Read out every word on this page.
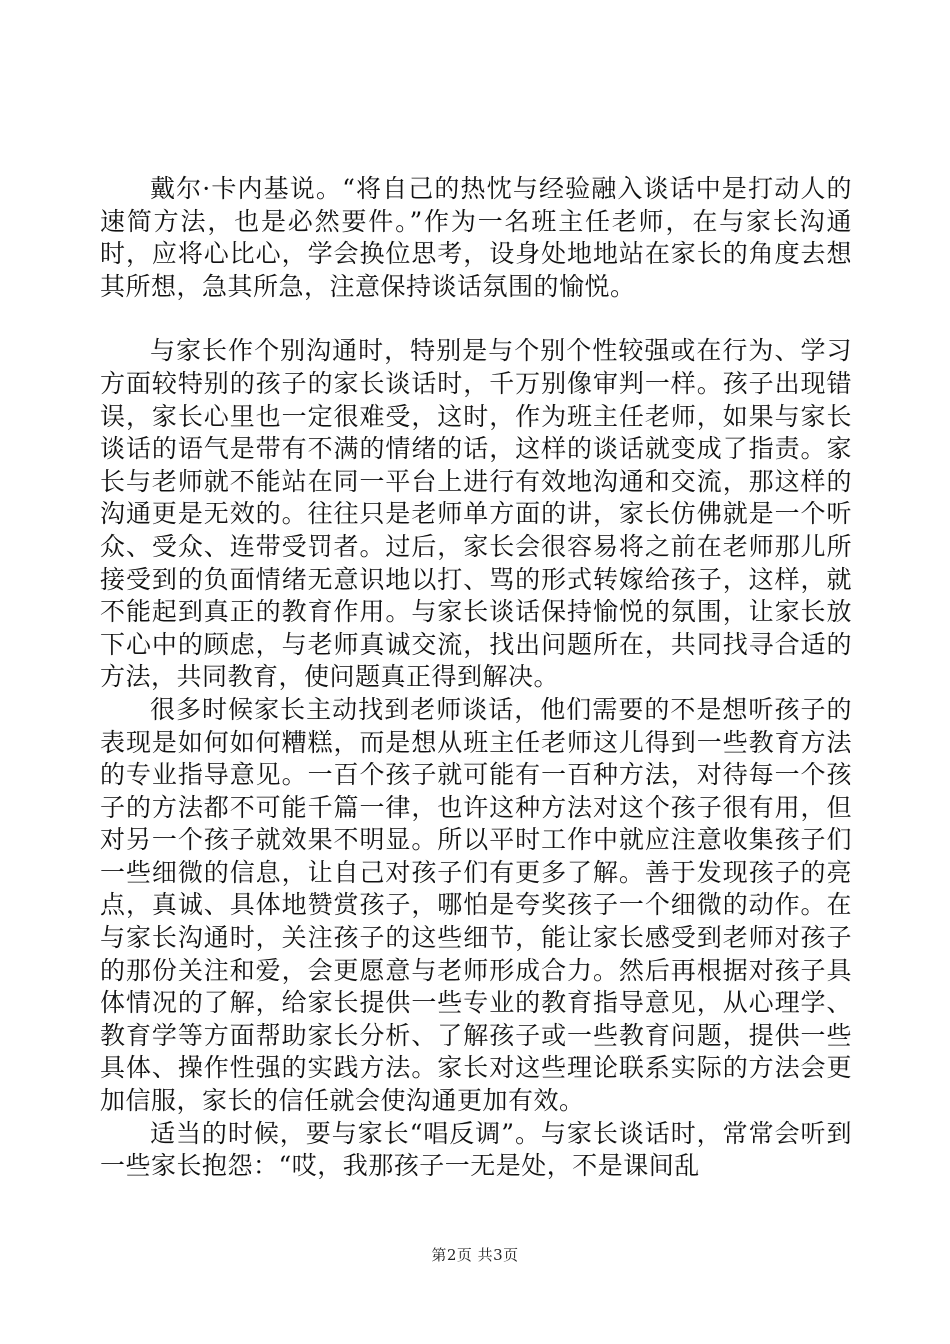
戴尔·卡内基说。“将自己的热忱与经验融入谈话中是打动人的速简方法，也是必然要件。”作为一名班主任老师，在与家长沟通时，应将心比心，学会换位思考，设身处地地站在家长的角度去想其所想，急其所急，注意保持谈话氛围的愉悦。

与家长作个别沟通时，特别是与个别个性较强或在行为、学习方面较特别的孩子的家长谈话时，千万别像审判一样。孩子出现错误，家长心里也一定很难受，这时，作为班主任老师，如果与家长谈话的语气是带有不满的情绪的话，这样的谈话就变成了指责。家长与老师就不能站在同一平台上进行有效地沟通和交流，那这样的沟通更是无效的。往往只是老师单方面的讲，家长仿佛就是一个听众、受众、连带受罚者。过后，家长会很容易将之前在老师那儿所接受到的负面情绪无意识地以打、骂的形式转嫁给孩子，这样，就不能起到真正的教育作用。与家长谈话保持愉悦的氛围，让家长放下心中的顾虑，与老师真诚交流，找出问题所在，共同找寻合适的方法，共同教育，使问题真正得到解决。

很多时候家长主动找到老师谈话，他们需要的不是想听孩子的表现是如何如何糟糕，而是想从班主任老师这儿得到一些教育方法的专业指导意见。一百个孩子就可能有一百种方法，对待每一个孩子的方法都不可能千篇一律，也许这种方法对这个孩子很有用，但对另一个孩子就效果不明显。所以平时工作中就应注意收集孩子们一些细微的信息，让自己对孩子们有更多了解。善于发现孩子的亮点，真诚、具体地赞赏孩子，哪怕是夸奖孩子一个细微的动作。在与家长沟通时，关注孩子的这些细节，能让家长感受到老师对孩子的那份关注和爱，会更愿意与老师形成合力。然后再根据对孩子具体情况的了解，给家长提供一些专业的教育指导意见，从心理学、教育学等方面帮助家长分析、了解孩子或一些教育问题，提供一些具体、操作性强的实践方法。家长对这些理论联系实际的方法会更加信服，家长的信任就会使沟通更加有效。

适当的时候，要与家长“唱反调”。与家长谈话时，常常会听到一些家长抱怨：“哎，我那孩子一无是处，不是课间乱

第2页 共3页
